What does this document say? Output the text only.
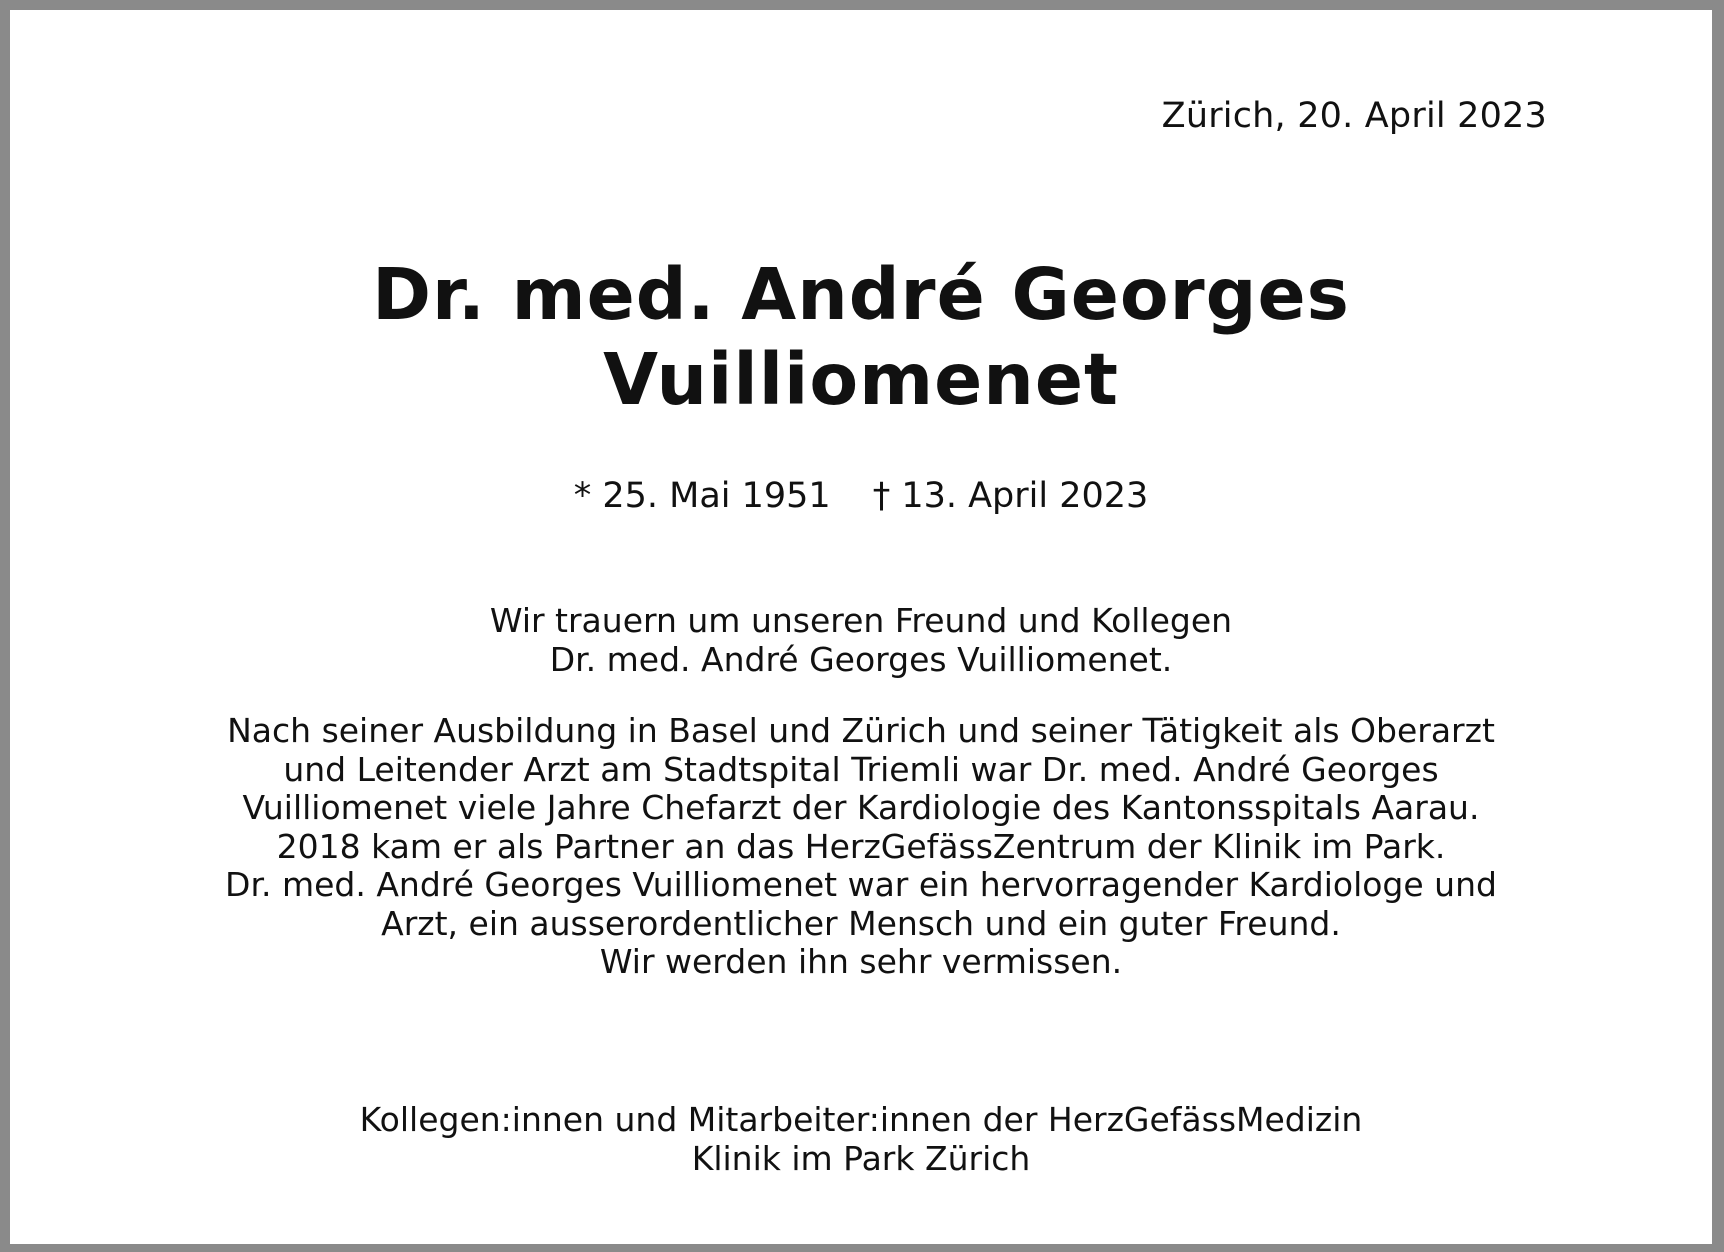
Zürich, 20. April 2023
Dr. med. André Georges
Vuilliomenet
* 25. Mai 1951 † 13. April 2023
Wir trauern um unseren Freund und Kollegen
Dr. med. André Georges Vuilliomenet.
Nach seiner Ausbildung in Basel und Zürich und seiner Tätigkeit als Oberarzt
und Leitender Arzt am Stadtspital Triemli war Dr. med. André Georges
Vuilliomenet viele Jahre Chefarzt der Kardiologie des Kantonsspitals Aarau.
2018 kam er als Partner an das HerzGefässZentrum der Klinik im Park.
Dr. med. André Georges Vuilliomenet war ein hervorragender Kardiologe und
Arzt, ein ausserordentlicher Mensch und ein guter Freund.
Wir werden ihn sehr vermissen.
Kollegen:innen und Mitarbeiter:innen der HerzGefässMedizin
Klinik im Park Zürich
